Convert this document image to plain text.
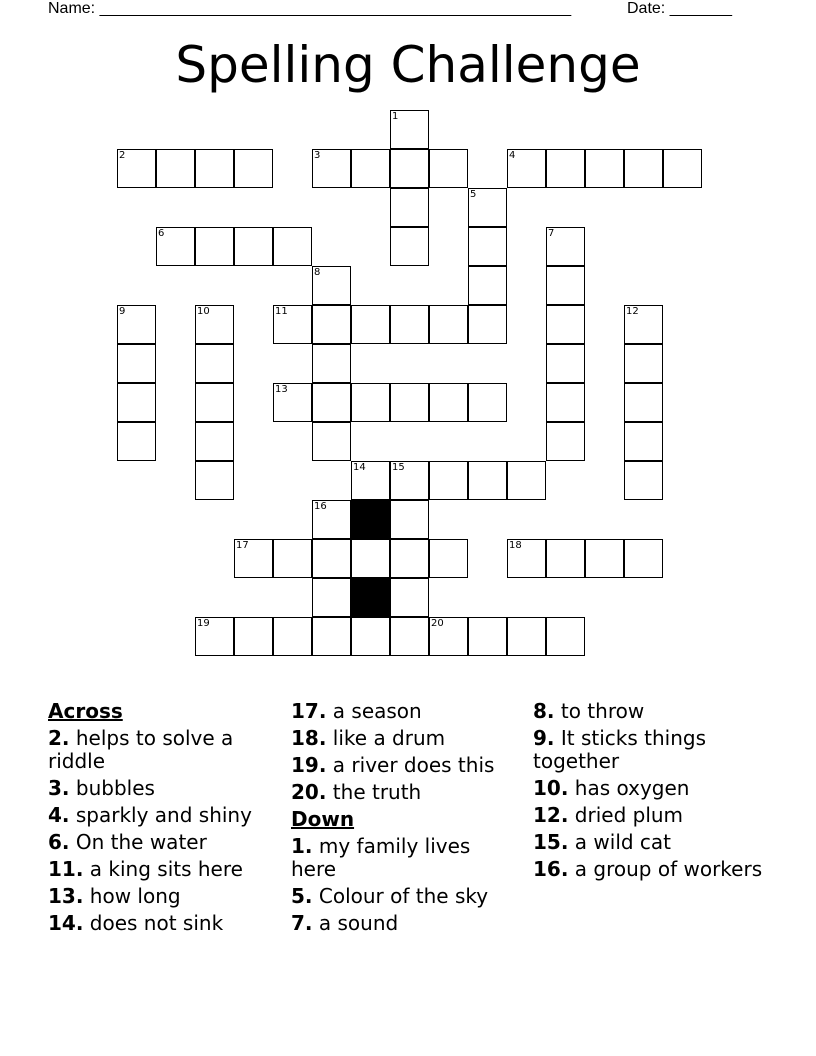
Name: _____________________________________________________	Date: _______
Spelling Challenge
1
2	3	4
5
6	7
8
9	10	11	12
13
14	15
16
17	18
19	20
Across
2. helps to solve a riddle
3. bubbles
4. sparkly and shiny
6. On the water
11. a king sits here
13. how long
14. does not sink
17. a season
18. like a drum
19. a river does this
20. the truth
Down
1. my family lives here
5. Colour of the sky
7. a sound
8. to throw
9. It sticks things together
10. has oxygen
12. dried plum
15. a wild cat
16. a group of workers
